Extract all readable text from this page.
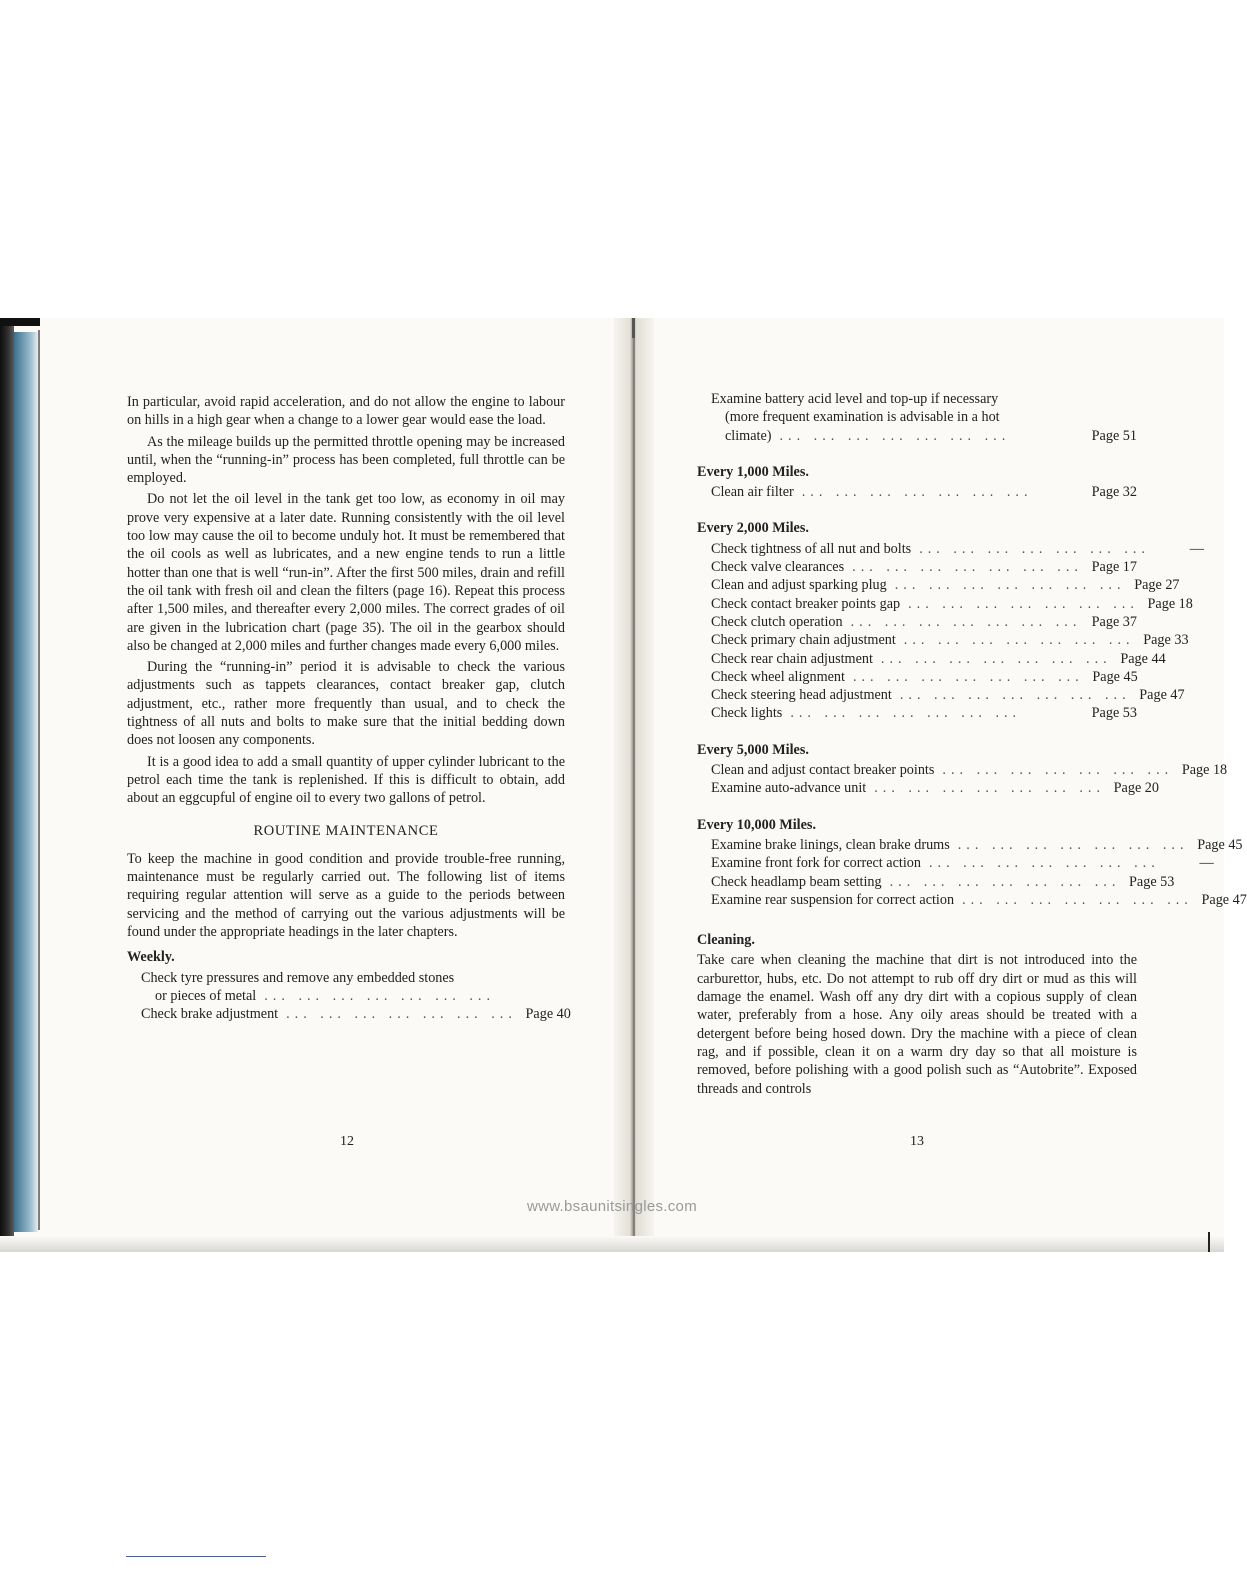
In particular, avoid rapid acceleration, and do not allow the engine to labour on hills in a high gear when a change to a lower gear would ease the load.

As the mileage builds up the permitted throttle opening may be increased until, when the “running-in” process has been completed, full throttle can be employed.

Do not let the oil level in the tank get too low, as economy in oil may prove very expensive at a later date. Running consistently with the oil level too low may cause the oil to become unduly hot. It must be remembered that the oil cools as well as lubricates, and a new engine tends to run a little hotter than one that is well “run-in”. After the first 500 miles, drain and refill the oil tank with fresh oil and clean the filters (page 16). Repeat this process after 1,500 miles, and thereafter every 2,000 miles. The correct grades of oil are given in the lubrication chart (page 35). The oil in the gearbox should also be changed at 2,000 miles and further changes made every 6,000 miles.

During the “running-in” period it is advisable to check the various adjustments such as tappets clearances, contact breaker gap, clutch adjustment, etc., rather more frequently than usual, and to check the tightness of all nuts and bolts to make sure that the initial bedding down does not loosen any components.

It is a good idea to add a small quantity of upper cylinder lubricant to the petrol each time the tank is replenished. If this is difficult to obtain, add about an eggcupful of engine oil to every two gallons of petrol.

ROUTINE MAINTENANCE

To keep the machine in good condition and provide trouble-free running, maintenance must be regularly carried out. The following list of items requiring regular attention will serve as a guide to the periods between servicing and the method of carrying out the various adjustments will be found under the appropriate headings in the later chapters.

Weekly.
Check tyre pressures and remove any embedded stones
or pieces of metal ... ... ... ... ... ... ...
Check brake adjustment ... ... ... ... ... ... ... Page 40
12
Examine battery acid level and top-up if necessary
(more frequent examination is advisable in a hot
climate) ... ... ... ... ... ... ...	Page 51
Every 1,000 Miles.
Clean air filter ... ... ... ... ... ... ...	Page 32
Every 2,000 Miles.
Check tightness of all nut and bolts ... ... ... ... ... ... ...	—
Check valve clearances ... ... ... ... ... ... ... Page 17
Clean and adjust sparking plug ... ... ... ... ... ... ... Page 27
Check contact breaker points gap ... ... ... ... ... ... ... Page 18
Check clutch operation ... ... ... ... ... ... ... Page 37
Check primary chain adjustment ... ... ... ... ... ... ... Page 33
Check rear chain adjustment ... ... ... ... ... ... ... Page 44
Check wheel alignment ... ... ... ... ... ... ... Page 45
Check steering head adjustment ... ... ... ... ... ... ... Page 47
Check lights ... ... ... ... ... ... ...	Page 53
Every 5,000 Miles.
Clean and adjust contact breaker points ... ... ... ... ... ... ... Page 18
Examine auto-advance unit ... ... ... ... ... ... ... Page 20
Every 10,000 Miles.
Examine brake linings, clean brake drums ... ... ... ... ... ... ... Page 45
Examine front fork for correct action ... ... ... ... ... ... ...	—
Check headlamp beam setting ... ... ... ... ... ... ... Page 53
Examine rear suspension for correct action ... ... ... ... ... ... ... Page 47
Cleaning.

Take care when cleaning the machine that dirt is not introduced into the carburettor, hubs, etc. Do not attempt to rub off dry dirt or mud as this will damage the enamel. Wash off any dry dirt with a copious supply of clean water, preferably from a hose. Any oily areas should be treated with a detergent before being hosed down. Dry the machine with a piece of clean rag, and if possible, clean it on a warm dry day so that all moisture is removed, before polishing with a good polish such as “Autobrite”. Exposed threads and controls

13
www.bsaunitsingles.com
